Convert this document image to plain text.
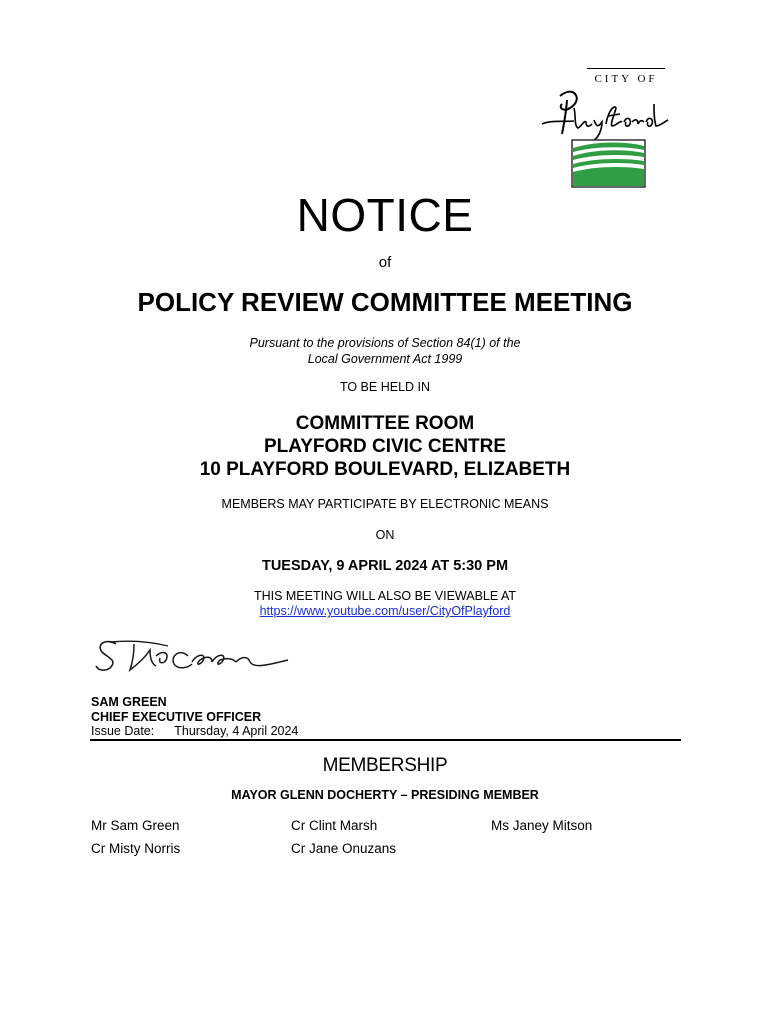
CITY OF
NOTICE
of
POLICY REVIEW COMMITTEE MEETING
Pursuant to the provisions of Section 84(1) of the
Local Government Act 1999
TO BE HELD IN
COMMITTEE ROOM
PLAYFORD CIVIC CENTRE
10 PLAYFORD BOULEVARD, ELIZABETH
MEMBERS MAY PARTICIPATE BY ELECTRONIC MEANS
ON
TUESDAY, 9 APRIL 2024 AT 5:30 PM
THIS MEETING WILL ALSO BE VIEWABLE AT
https://www.youtube.com/user/CityOfPlayford
SAM GREEN
CHIEF EXECUTIVE OFFICER
Issue Date: Thursday, 4 April 2024
MEMBERSHIP
MAYOR GLENN DOCHERTY – PRESIDING MEMBER
Mr Sam Green	Cr Clint Marsh	Ms Janey Mitson
Cr Misty Norris	Cr Jane Onuzans
